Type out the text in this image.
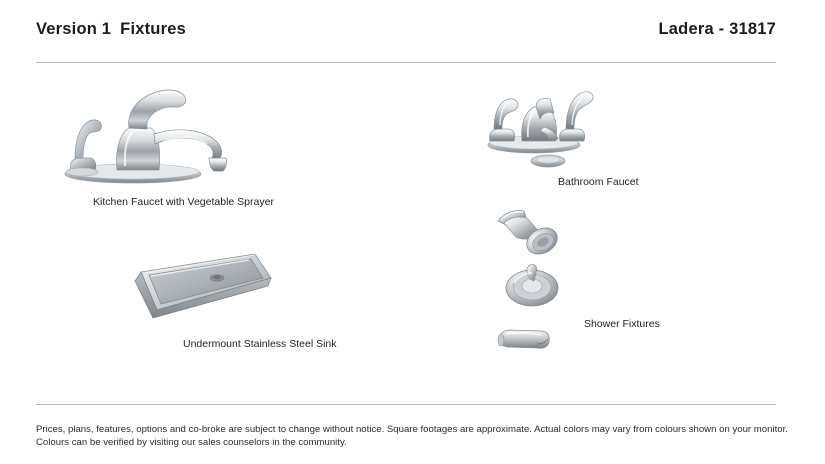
Version 1 Fixtures	Ladera - 31817
Kitchen Faucet with Vegetable Sprayer
Bathroom Faucet
Undermount Stainless Steel Sink
Shower Fixtures
Prices, plans, features, options and co-broke are subject to change without notice. Square footages are approximate. Actual colors may vary from colours shown on your monitor.
Colours can be verified by visiting our sales counselors in the community.
